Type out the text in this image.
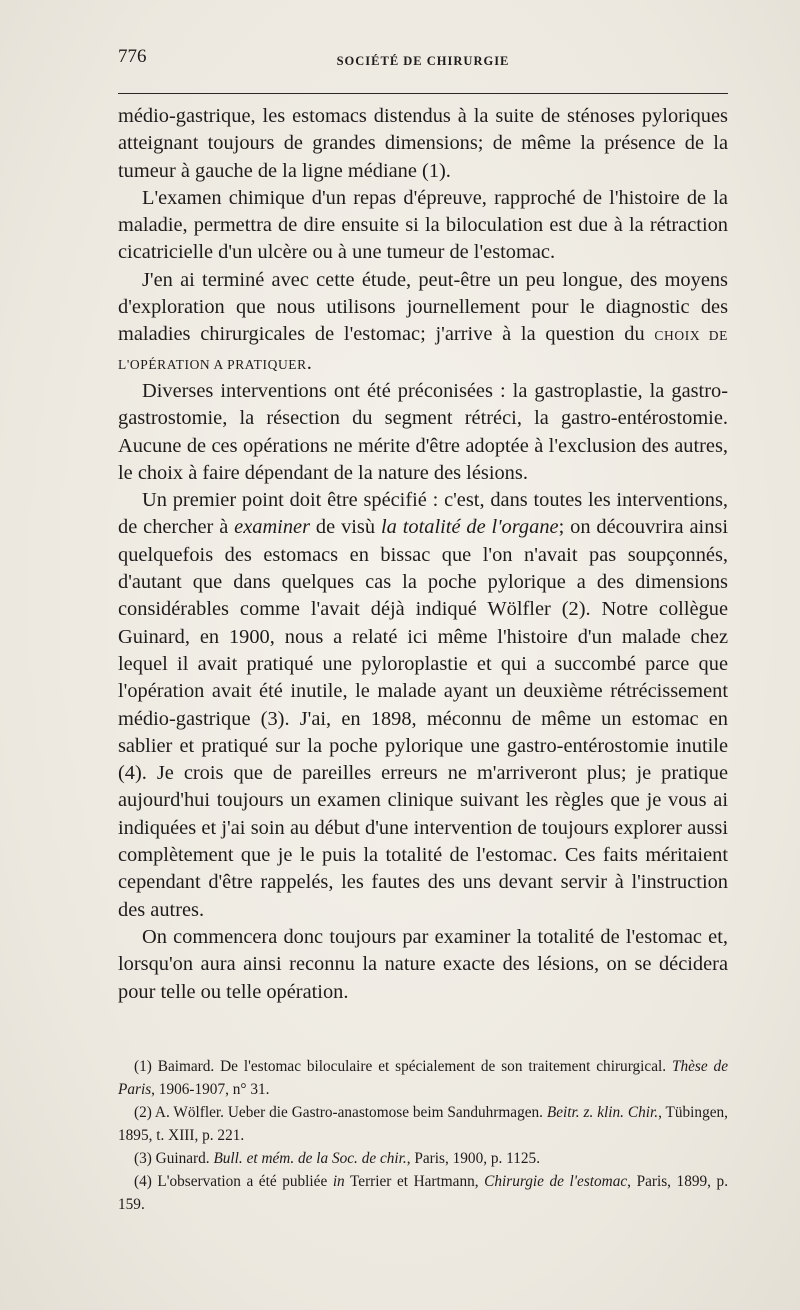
776	SOCIÉTÉ DE CHIRURGIE

médio-gastrique, les estomacs distendus à la suite de sténoses pyloriques atteignant toujours de grandes dimensions; de même la présence de la tumeur à gauche de la ligne médiane (1).

L'examen chimique d'un repas d'épreuve, rapproché de l'histoire de la maladie, permettra de dire ensuite si la biloculation est due à la rétraction cicatricielle d'un ulcère ou à une tumeur de l'estomac.

J'en ai terminé avec cette étude, peut-être un peu longue, des moyens d'exploration que nous utilisons journellement pour le diagnostic des maladies chirurgicales de l'estomac; j'arrive à la question du CHOIX DE L'OPÉRATION A PRATIQUER.

Diverses interventions ont été préconisées : la gastroplastie, la gastro-gastrostomie, la résection du segment rétréci, la gastro-entérostomie. Aucune de ces opérations ne mérite d'être adoptée à l'exclusion des autres, le choix à faire dépendant de la nature des lésions.

Un premier point doit être spécifié : c'est, dans toutes les interventions, de chercher à examiner de visù la totalité de l'organe; on découvrira ainsi quelquefois des estomacs en bissac que l'on n'avait pas soupçonnés, d'autant que dans quelques cas la poche pylorique a des dimensions considérables comme l'avait déjà indiqué Wölfler (2). Notre collègue Guinard, en 1900, nous a relaté ici même l'histoire d'un malade chez lequel il avait pratiqué une pyloroplastie et qui a succombé parce que l'opération avait été inutile, le malade ayant un deuxième rétrécissement médio-gastrique (3). J'ai, en 1898, méconnu de même un estomac en sablier et pratiqué sur la poche pylorique une gastro-entérostomie inutile (4). Je crois que de pareilles erreurs ne m'arriveront plus; je pratique aujourd'hui toujours un examen clinique suivant les règles que je vous ai indiquées et j'ai soin au début d'une intervention de toujours explorer aussi complètement que je le puis la totalité de l'estomac. Ces faits méritaient cependant d'être rappelés, les fautes des uns devant servir à l'instruction des autres.

On commencera donc toujours par examiner la totalité de l'estomac et, lorsqu'on aura ainsi reconnu la nature exacte des lésions, on se décidera pour telle ou telle opération.

(1) Baimard. De l'estomac biloculaire et spécialement de son traitement chirurgical. Thèse de Paris, 1906-1907, n° 31.

(2) A. Wölfler. Ueber die Gastro-anastomose beim Sanduhrmagen. Beitr. z. klin. Chir., Tübingen, 1895, t. XIII, p. 221.

(3) Guinard. Bull. et mém. de la Soc. de chir., Paris, 1900, p. 1125.

(4) L'observation a été publiée in Terrier et Hartmann, Chirurgie de l'estomac, Paris, 1899, p. 159.
